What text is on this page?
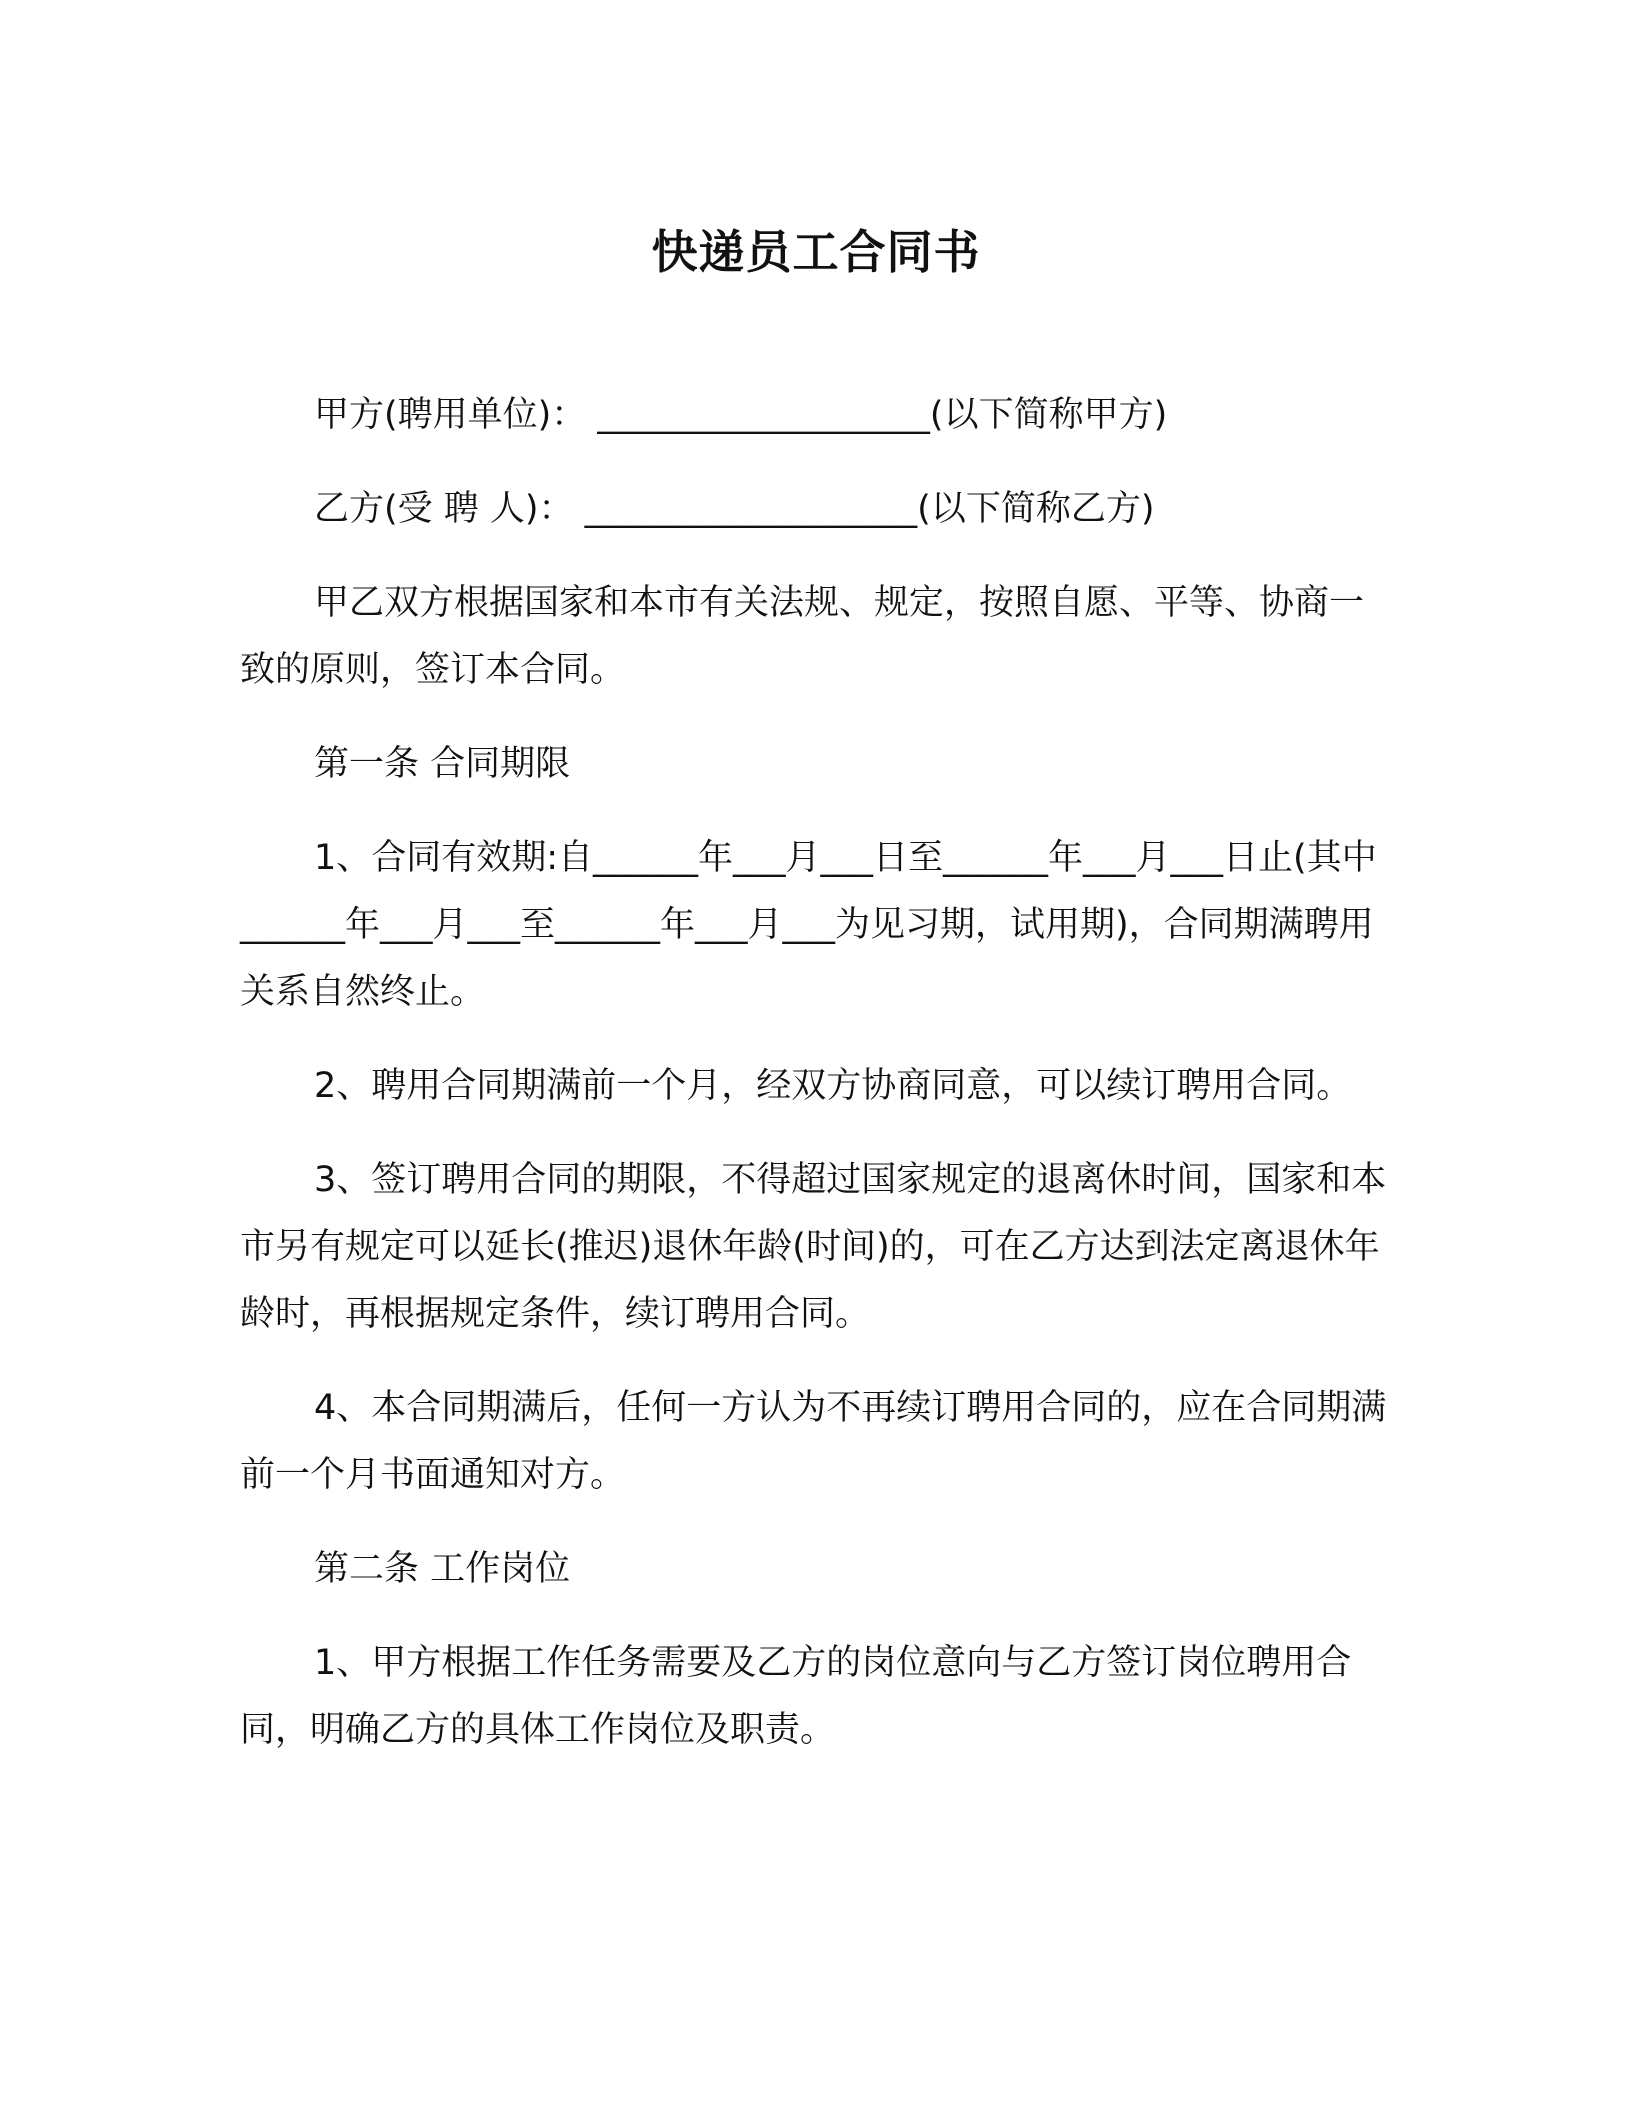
快递员工合同书

甲方(聘用单位)： ___________________(以下简称甲方)

乙方(受 聘 人)： ___________________(以下简称乙方)

甲乙双方根据国家和本市有关法规、规定，按照自愿、平等、协商一致的原则，签订本合同。

第一条 合同期限

1、合同有效期:自______年___月___日至______年___月___日止(其中______年___月___至______年___月___为见习期，试用期)，合同期满聘用关系自然终止。

2、聘用合同期满前一个月，经双方协商同意，可以续订聘用合同。

3、签订聘用合同的期限，不得超过国家规定的退离休时间，国家和本市另有规定可以延长(推迟)退休年龄(时间)的，可在乙方达到法定离退休年龄时，再根据规定条件，续订聘用合同。

4、本合同期满后，任何一方认为不再续订聘用合同的，应在合同期满前一个月书面通知对方。

第二条 工作岗位

1、甲方根据工作任务需要及乙方的岗位意向与乙方签订岗位聘用合同，明确乙方的具体工作岗位及职责。
